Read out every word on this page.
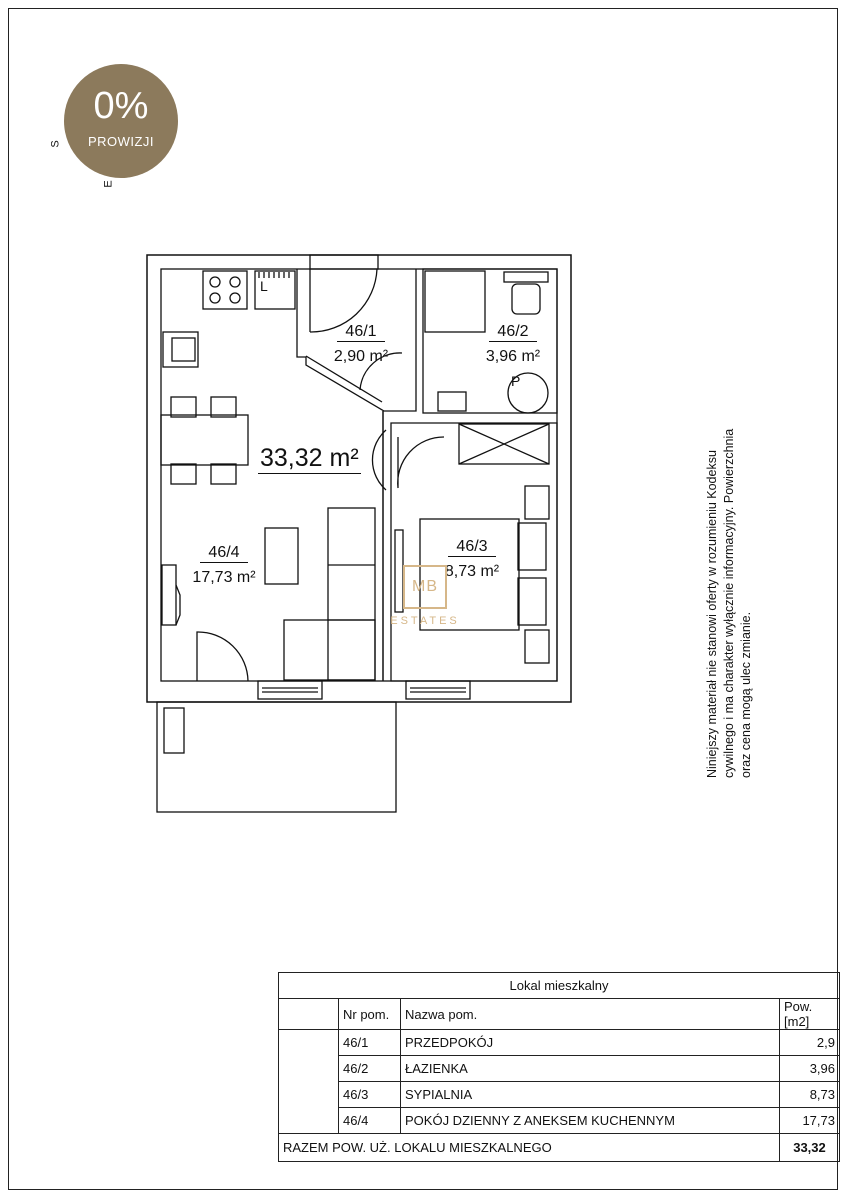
0%
PROWIZJI
S
E
46/1
2,90 m²
46/2
3,96 m²
46/3
8,73 m²
46/4
17,73 m²
33,32 m²
L
P
MB
ESTATES	Niniejszy materiał nie stanowi oferty w rozumieniu Kodeksu cywilnego i ma charakter wyłącznie informacyjny. Powierzchnia oraz cena mogą ulec zmianie.
Lokal mieszkalny			
	Nr pom.	Nazwa pom.	Pow.[m2]
	46/1	PRZEDPOKÓJ	2,9
	46/2	ŁAZIENKA	3,96
	46/3	SYPIALNIA	8,73
	46/4	POKÓJ DZIENNY Z ANEKSEM KUCHENNYM	17,73
RAZEM POW. UŻ. LOKALU MIESZKALNEGO			33,32
